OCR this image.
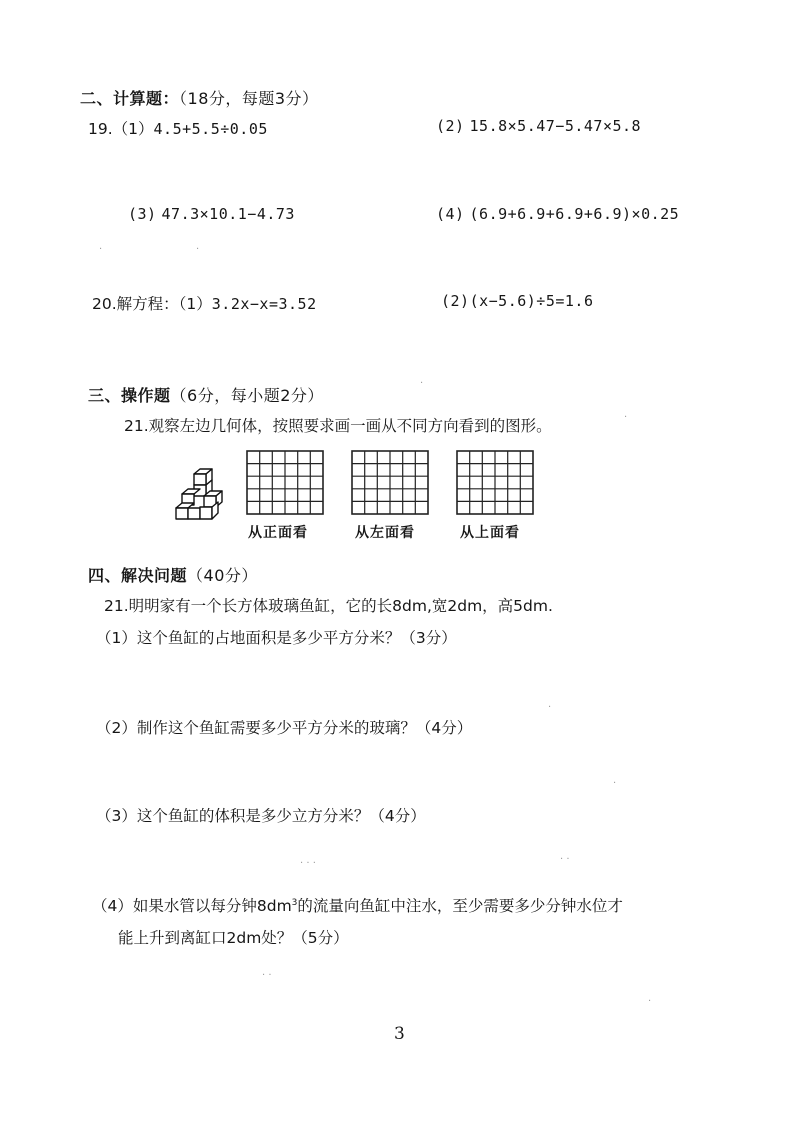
二、计算题：（18分，每题3分）
19.（1）4.5+5.5÷0.05	(2) 15.8×5.47−5.47×5.8
(3) 47.3×10.1−4.73	(4) (6.9+6.9+6.9+6.9)×0.25
20.解方程：（1）3.2x−x=3.52	(2)(x−5.6)÷5=1.6
三、操作题（6分，每小题2分）
21.观察左边几何体，按照要求画一画从不同方向看到的图形。
从正面看	从左面看	从上面看
四、解决问题（40分）
21.明明家有一个长方体玻璃鱼缸，它的长8dm,宽2dm，高5dm.
（1）这个鱼缸的占地面积是多少平方分米？（3分）
（2）制作这个鱼缸需要多少平方分米的玻璃？（4分）
（3）这个鱼缸的体积是多少立方分米？（4分）
（4）如果水管以每分钟$8dm^3$的流量向鱼缸中注水，至少需要多少分钟水位才
能上升到离缸口2dm处？（5分）
3
·
·
·
·
·
·
· · ·	· ·
· ·
·
